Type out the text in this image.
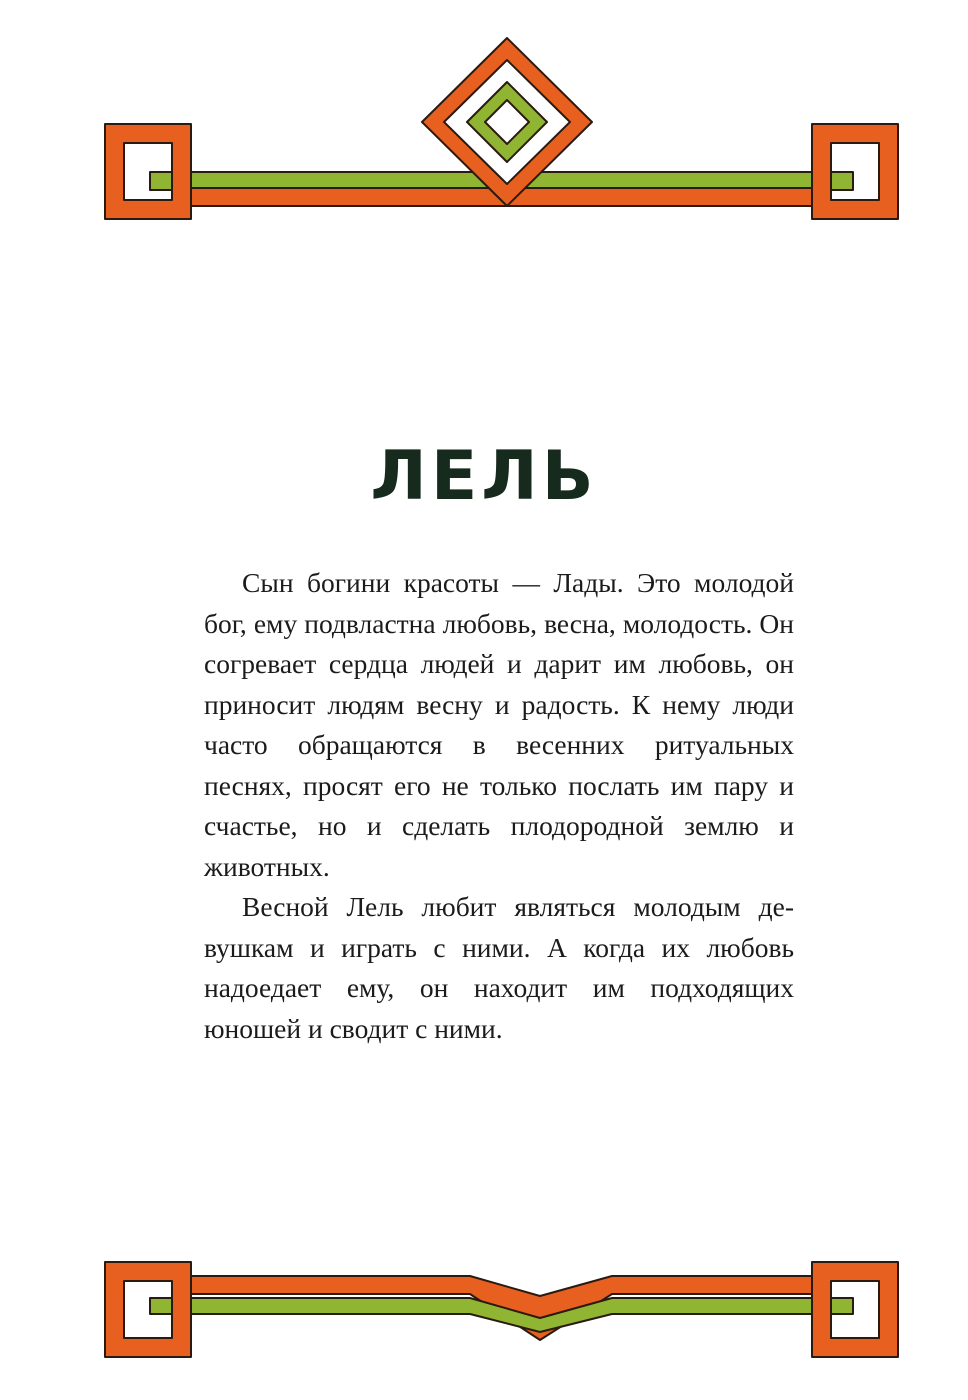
ЛЕЛЬ

Сын богини красоты — Лады. Это молодой бог, ему подвластна любовь, весна, молодость. Он согревает сердца людей и дарит им любовь, он приносит людям весну и радость. К нему люди часто обращаются в весенних ритуальных песнях, просят его не только послать им пару и счастье, но и сделать плодородной землю и животных.

Весной Лель любит являться молодым девушкам и играть с ними. А когда их любовь надоедает ему, он находит им подходящих юношей и сводит с ними.
